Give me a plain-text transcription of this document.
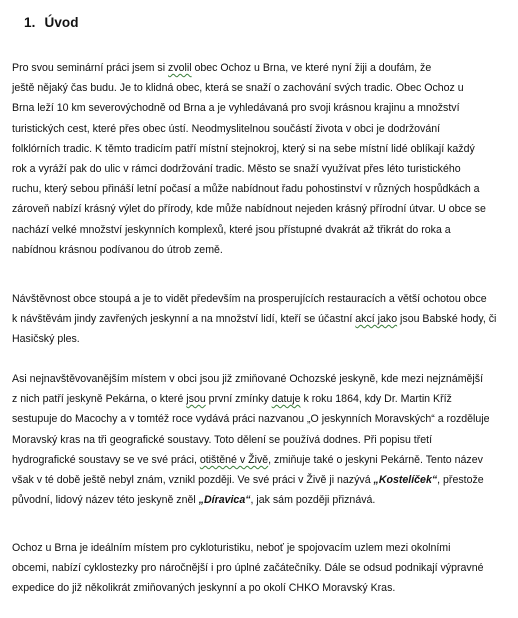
1. Úvod

Pro svou seminární práci jsem si zvolil obec Ochoz u Brna, ve které nyní žiji a doufám, že
ještě nějaký čas budu. Je to klidná obec, která se snaží o zachování svých tradic. Obec Ochoz u
Brna leží 10 km severovýchodně od Brna a je vyhledávaná pro svoji krásnou krajinu a množství
turistických cest, které přes obec ústí. Neodmyslitelnou součástí života v obci je dodržování
folklórních tradic. K těmto tradicím patří místní stejnokroj, který si na sebe místní lidé oblíkají každý
rok a vyráží pak do ulic v rámci dodržování tradic. Město se snaží využívat přes léto turistického
ruchu, který sebou přináší letní počasí a může nabídnout řadu pohostinství v různých hospůdkách a
zároveň nabízí krásný výlet do přírody, kde může nabídnout nejeden krásný přírodní útvar. U obce se
nachází velké množství jeskynních komplexů, které jsou přístupné dvakrát až třikrát do roka a
nabídnou krásnou podívanou do útrob země.

Návštěvnost obce stoupá a je to vidět především na prosperujících restauracích a větší ochotou obce
k návštěvám jindy zavřených jeskynní a na množství lidí, kteří se účastní akcí jako jsou Babské hody, či
Hasičský ples.

Asi nejnavštěvovanějším místem v obci jsou již zmiňované Ochozské jeskyně, kde mezi nejznámější
z nich patří jeskyně Pekárna, o které jsou první zmínky datuje k roku 1864, kdy Dr. Martin Kříž
sestupuje do Macochy a v tomtéž roce vydává práci nazvanou „O jeskynních Moravských“ a rozděluje
Moravský kras na tři geografické soustavy. Toto dělení se používá dodnes. Při popisu třetí
hydrografické soustavy se ve své práci, otištěné v Živě, zmiňuje také o jeskyni Pekárně. Tento název
však v té době ještě nebyl znám, vznikl později. Ve své práci v Živě ji nazývá „Kostelíček“, přestože
původní, lidový název této jeskyně zněl „Díravica“, jak sám později přiznává.

Ochoz u Brna je ideálním místem pro cykloturistiku, neboť je spojovacím uzlem mezi okolními
obcemi, nabízí cyklostezky pro náročnější i pro úplné začátečníky. Dále se odsud podnikají výpravné
expedice do již několikrát zmiňovaných jeskynní a po okolí CHKO Moravský Kras.
